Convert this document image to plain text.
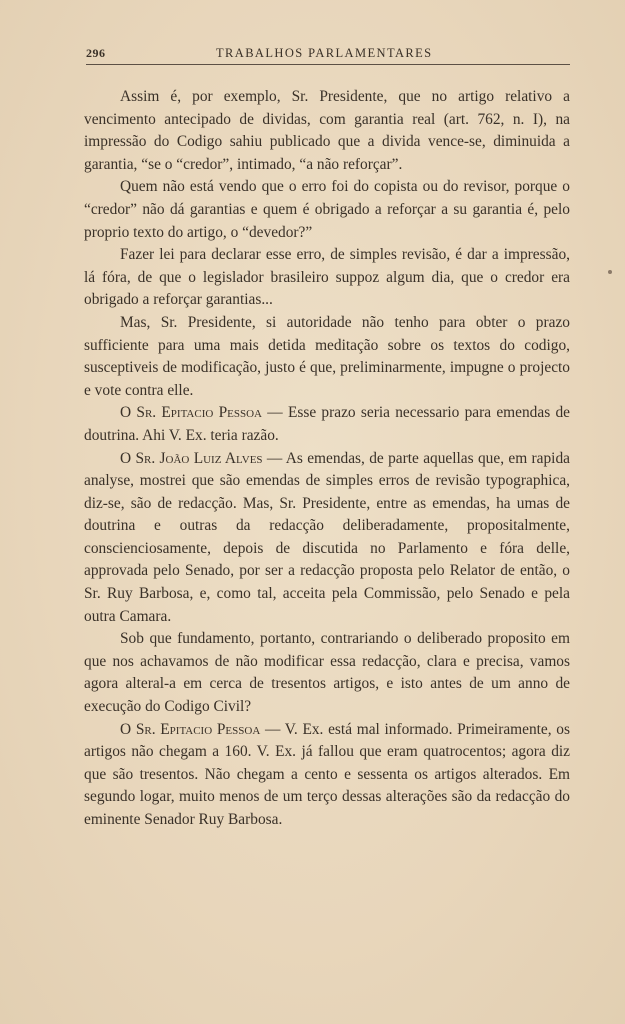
296	TRABALHOS PARLAMENTARES

Assim é, por exemplo, Sr. Presidente, que no artigo relativo a vencimento antecipado de dividas, com garantia real (art. 762, n. I), na impressão do Codigo sahiu publicado que a divida vence-se, diminuida a garantia, “se o “credor”, intimado, “a não reforçar”.

Quem não está vendo que o erro foi do copista ou do revisor, porque o “credor” não dá garantias e quem é obrigado a reforçar a su garantia é, pelo proprio texto do artigo, o “devedor?”

Fazer lei para declarar esse erro, de simples revisão, é dar a impressão, lá fóra, de que o legislador brasileiro suppoz algum dia, que o credor era obrigado a reforçar garantias...

Mas, Sr. Presidente, si autoridade não tenho para obter o prazo sufficiente para uma mais detida meditação sobre os textos do codigo, susceptiveis de modificação, justo é que, preliminarmente, impugne o projecto e vote contra elle.

O Sr. Epitacio Pessoa — Esse prazo seria necessario para emendas de doutrina. Ahi V. Ex. teria razão.

O Sr. João Luiz Alves — As emendas, de parte aquellas que, em rapida analyse, mostrei que são emendas de simples erros de revisão typographica, diz-se, são de redacção. Mas, Sr. Presidente, entre as emendas, ha umas de doutrina e outras da redacção deliberadamente, propositalmente, conscienciosamente, depois de discutida no Parlamento e fóra delle, approvada pelo Senado, por ser a redacção proposta pelo Relator de então, o Sr. Ruy Barbosa, e, como tal, acceita pela Commissão, pelo Senado e pela outra Camara.

Sob que fundamento, portanto, contrariando o deliberado proposito em que nos achavamos de não modificar essa redacção, clara e precisa, vamos agora alteral-a em cerca de tresentos artigos, e isto antes de um anno de execução do Codigo Civil?

O Sr. Epitacio Pessoa — V. Ex. está mal informado. Primeiramente, os artigos não chegam a 160. V. Ex. já fallou que eram quatrocentos; agora diz que são tresentos. Não chegam a cento e sessenta os artigos alterados. Em segundo logar, muito menos de um terço dessas alterações são da redacção do eminente Senador Ruy Barbosa.
